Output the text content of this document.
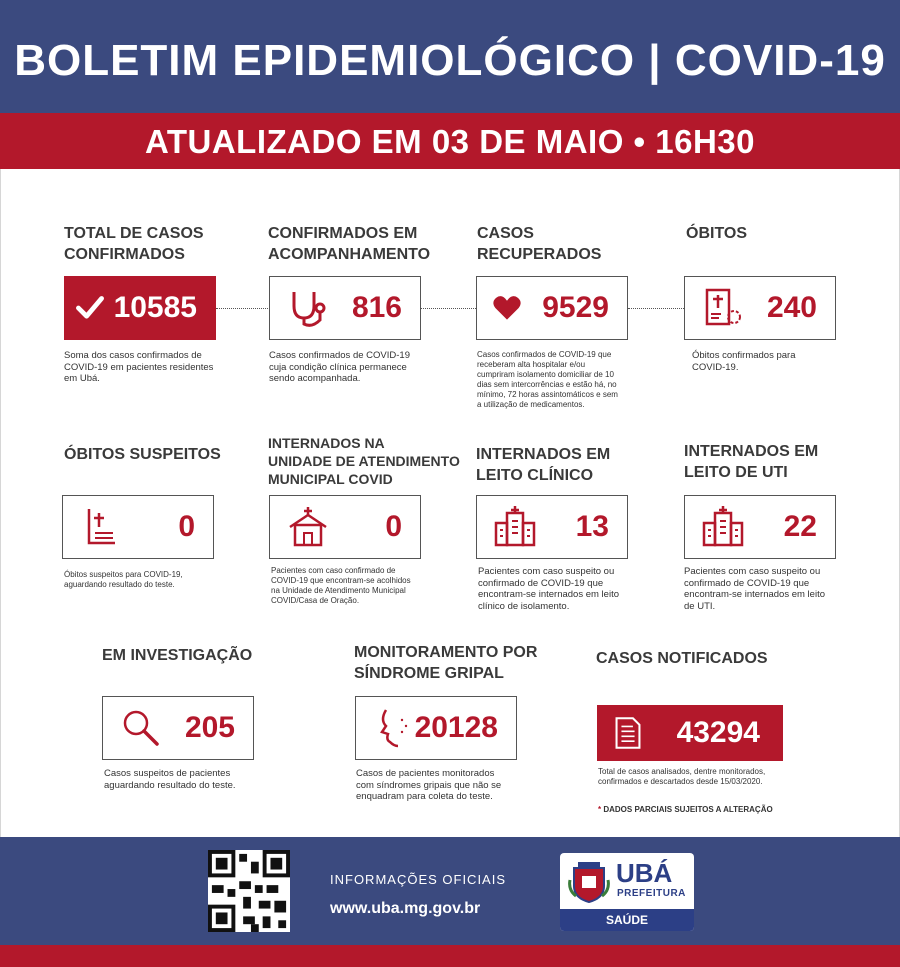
BOLETIM EPIDEMIOLÓGICO | COVID-19
ATUALIZADO EM 03 DE MAIO • 16H30
TOTAL DE CASOS
CONFIRMADOS
10585
Soma dos casos confirmados de
COVID-19 em pacientes residentes
em Ubá.
CONFIRMADOS EM
ACOMPANHAMENTO
816
Casos confirmados de COVID-19
cuja condição clínica permanece
sendo acompanhada.
CASOS
RECUPERADOS
9529
Casos confirmados de COVID-19 que
receberam alta hospitalar e/ou
cumpriram isolamento domiciliar de 10
dias sem intercorrências e estão há, no
mínimo, 72 horas assintomáticos e sem
a utilização de medicamentos.
ÓBITOS
240
Óbitos confirmados para
COVID-19.
ÓBITOS SUSPEITOS
0
Óbitos suspeitos para COVID-19,
aguardando resultado do teste.
INTERNADOS NA
UNIDADE DE ATENDIMENTO
MUNICIPAL COVID
0
Pacientes com caso confirmado de
COVID-19 que encontram-se acolhidos
na Unidade de Atendimento Municipal
COVID/Casa de Oração.
INTERNADOS EM
LEITO CLÍNICO
13
Pacientes com caso suspeito ou
confirmado de COVID-19 que
encontram-se internados em leito
clínico de isolamento.
INTERNADOS EM
LEITO DE UTI
22
Pacientes com caso suspeito ou
confirmado de COVID-19 que
encontram-se internados em leito
de UTI.
EM INVESTIGAÇÃO
205
Casos suspeitos de pacientes
aguardando resultado do teste.
MONITORAMENTO POR
SÍNDROME GRIPAL
20128
Casos de pacientes monitorados
com síndromes gripais que não se
enquadram para coleta do teste.
CASOS NOTIFICADOS
43294
Total de casos analisados, dentre monitorados,
confirmados e descartados desde 15/03/2020.
* DADOS PARCIAIS SUJEITOS A ALTERAÇÃO
INFORMAÇÕES OFICIAIS
www.uba.mg.gov.br
UBÁ
PREFEITURA
SAÚDE
